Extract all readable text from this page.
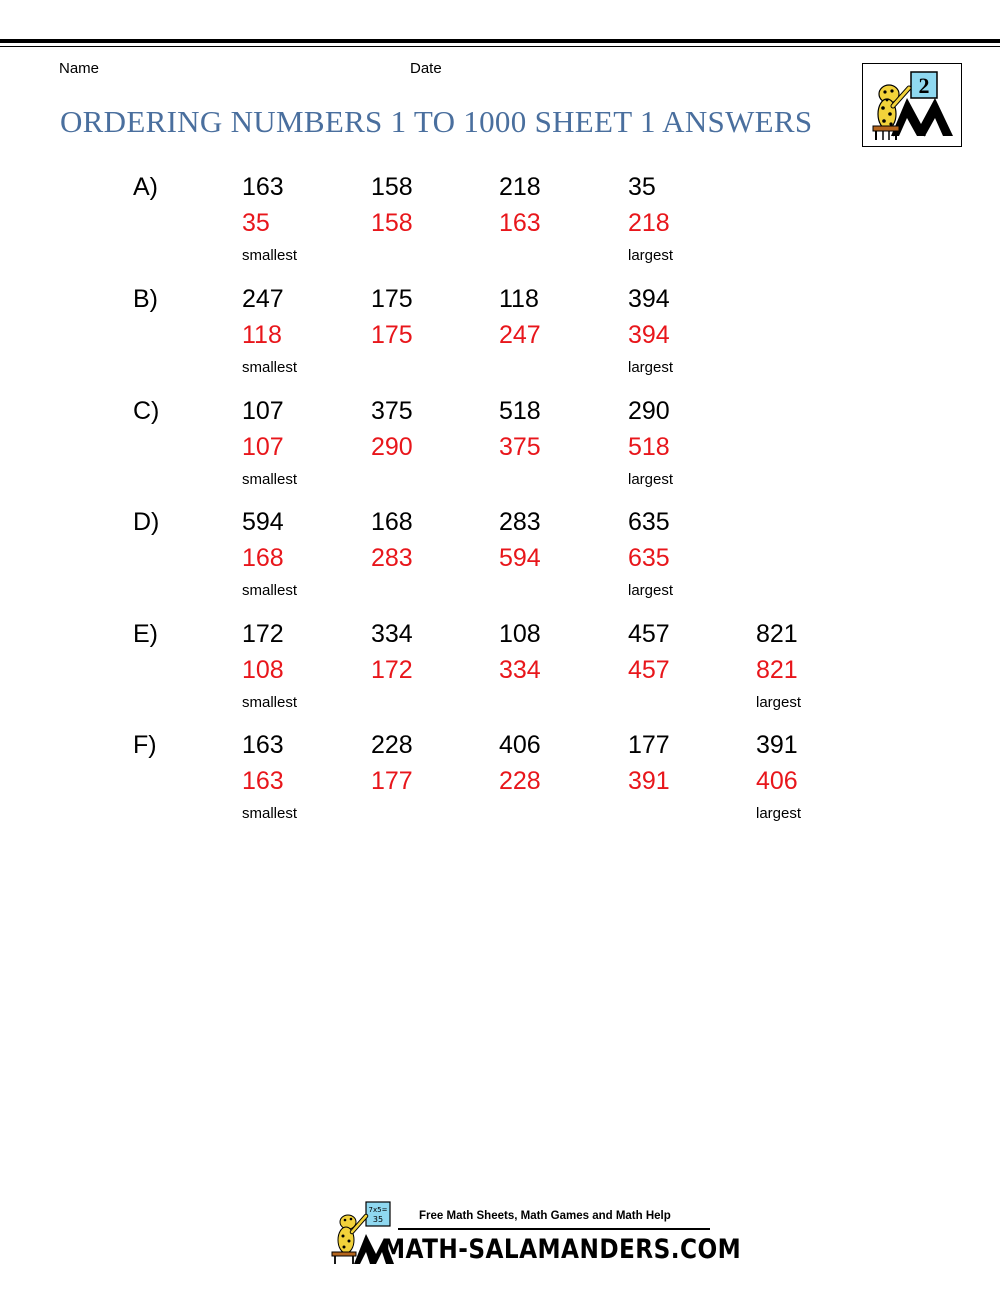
Name	Date
ORDERING NUMBERS 1 TO 1000 SHEET 1 ANSWERS
2
A)	163	158	218	35
35	158	163	218
smallest	largest
B)	247	175	118	394
118	175	247	394
smallest	largest
C)	107	375	518	290
107	290	375	518
smallest	largest
D)	594	168	283	635
168	283	594	635
smallest	largest
E)	172	334	108	457	821
108	172	334	457	821
smallest	largest
F)	163	228	406	177	391
163	177	228	391	406
smallest	largest
7x5=
35	Free Math Sheets, Math Games and Math Help
MATH-SALAMANDERS.COM
